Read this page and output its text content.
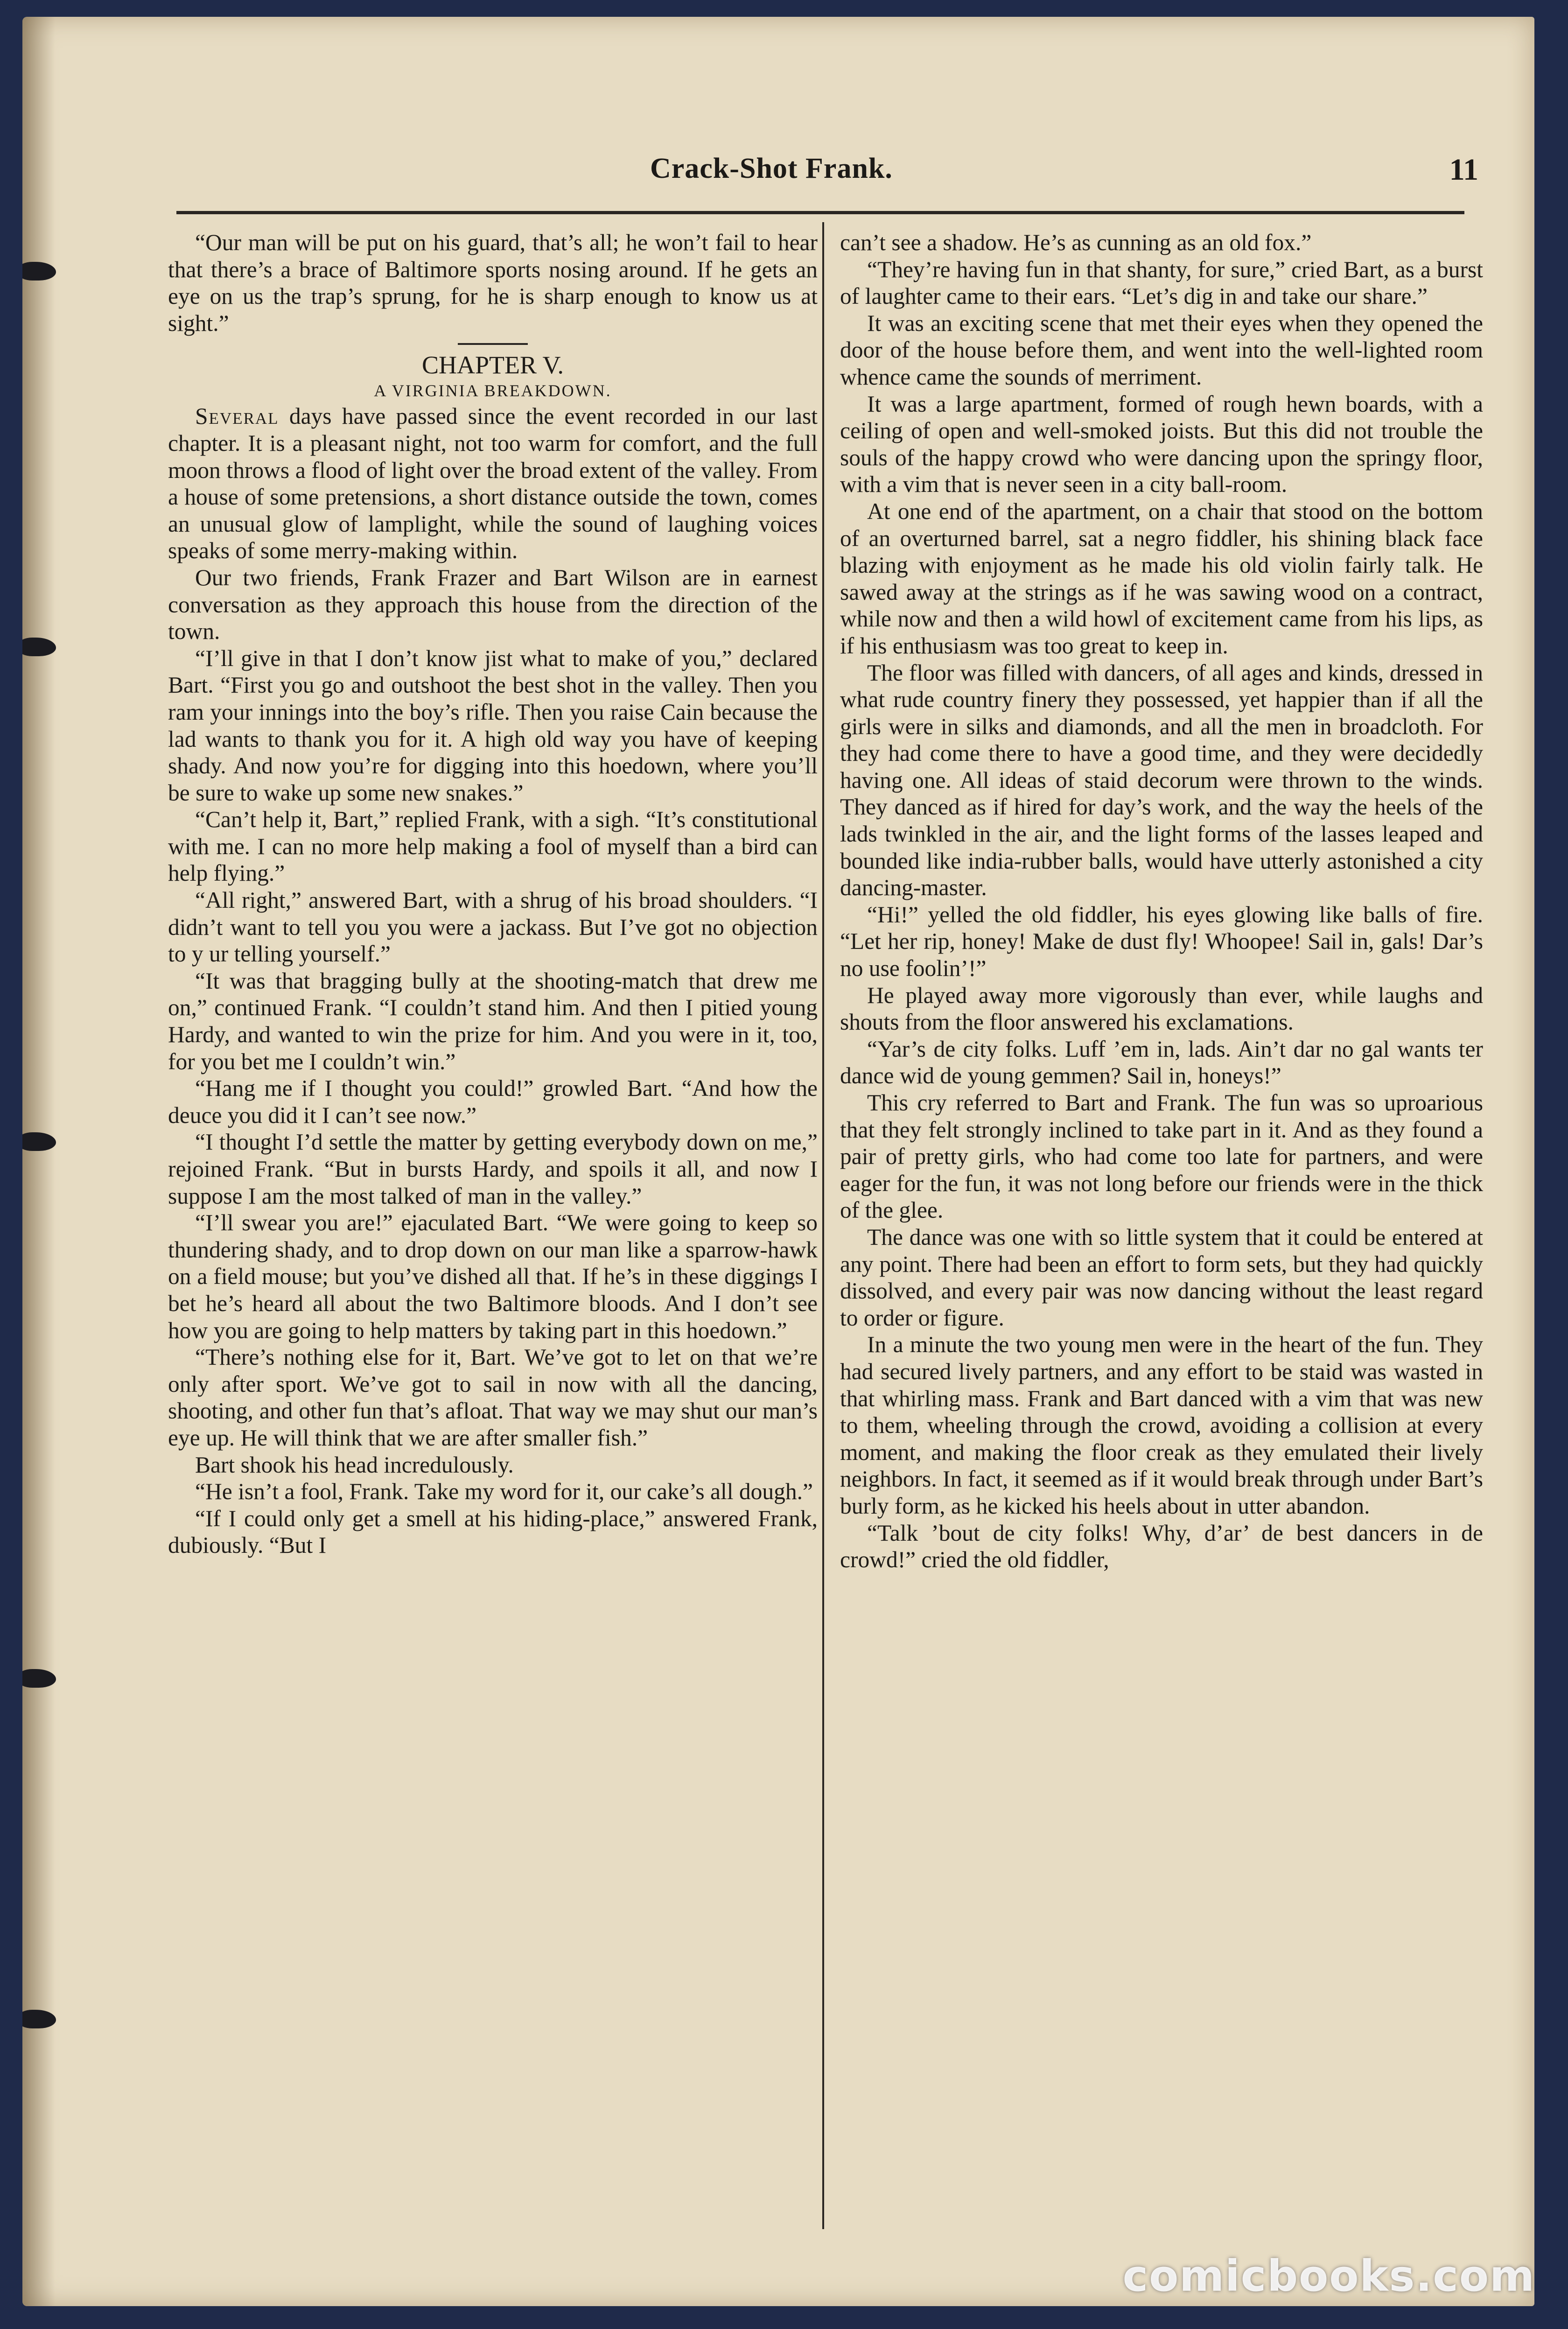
Crack-Shot Frank.	11

“Our man will be put on his guard, that’s all; he won’t fail to hear that there’s a brace of Baltimore sports nosing around. If he gets an eye on us the trap’s sprung, for he is sharp enough to know us at sight.”

CHAPTER V.

A VIRGINIA BREAKDOWN.

Several days have passed since the event recorded in our last chapter. It is a pleasant night, not too warm for comfort, and the full moon throws a flood of light over the broad extent of the valley. From a house of some pretensions, a short distance outside the town, comes an unusual glow of lamplight, while the sound of laughing voices speaks of some merry-making within.

Our two friends, Frank Frazer and Bart Wilson are in earnest conversation as they approach this house from the direction of the town.

“I’ll give in that I don’t know jist what to make of you,” declared Bart. “First you go and outshoot the best shot in the valley. Then you ram your innings into the boy’s rifle. Then you raise Cain because the lad wants to thank you for it. A high old way you have of keeping shady. And now you’re for digging into this hoedown, where you’ll be sure to wake up some new snakes.”

“Can’t help it, Bart,” replied Frank, with a sigh. “It’s constitutional with me. I can no more help making a fool of myself than a bird can help flying.”

“All right,” answered Bart, with a shrug of his broad shoulders. “I didn’t want to tell you you were a jackass. But I’ve got no objection to y ur telling yourself.”

“It was that bragging bully at the shooting-match that drew me on,” continued Frank. “I couldn’t stand him. And then I pitied young Hardy, and wanted to win the prize for him. And you were in it, too, for you bet me I couldn’t win.”

“Hang me if I thought you could!” growled Bart. “And how the deuce you did it I can’t see now.”

“I thought I’d settle the matter by getting everybody down on me,” rejoined Frank. “But in bursts Hardy, and spoils it all, and now I suppose I am the most talked of man in the valley.”

“I’ll swear you are!” ejaculated Bart. “We were going to keep so thundering shady, and to drop down on our man like a sparrow-hawk on a field mouse; but you’ve dished all that. If he’s in these diggings I bet he’s heard all about the two Baltimore bloods. And I don’t see how you are going to help matters by taking part in this hoedown.”

“There’s nothing else for it, Bart. We’ve got to let on that we’re only after sport. We’ve got to sail in now with all the dancing, shooting, and other fun that’s afloat. That way we may shut our man’s eye up. He will think that we are after smaller fish.”

Bart shook his head incredulously.

“He isn’t a fool, Frank. Take my word for it, our cake’s all dough.”

“If I could only get a smell at his hiding-place,” answered Frank, dubiously. “But I

can’t see a shadow. He’s as cunning as an old fox.”

“They’re having fun in that shanty, for sure,” cried Bart, as a burst of laughter came to their ears. “Let’s dig in and take our share.”

It was an exciting scene that met their eyes when they opened the door of the house before them, and went into the well-lighted room whence came the sounds of merriment.

It was a large apartment, formed of rough hewn boards, with a ceiling of open and well-smoked joists. But this did not trouble the souls of the happy crowd who were dancing upon the springy floor, with a vim that is never seen in a city ball-room.

At one end of the apartment, on a chair that stood on the bottom of an overturned barrel, sat a negro fiddler, his shining black face blazing with enjoyment as he made his old violin fairly talk. He sawed away at the strings as if he was sawing wood on a contract, while now and then a wild howl of excitement came from his lips, as if his enthusiasm was too great to keep in.

The floor was filled with dancers, of all ages and kinds, dressed in what rude country finery they possessed, yet happier than if all the girls were in silks and diamonds, and all the men in broadcloth. For they had come there to have a good time, and they were decidedly having one. All ideas of staid decorum were thrown to the winds. They danced as if hired for day’s work, and the way the heels of the lads twinkled in the air, and the light forms of the lasses leaped and bounded like india-rubber balls, would have utterly astonished a city dancing-master.

“Hi!” yelled the old fiddler, his eyes glowing like balls of fire. “Let her rip, honey! Make de dust fly! Whoopee! Sail in, gals! Dar’s no use foolin’!”

He played away more vigorously than ever, while laughs and shouts from the floor answered his exclamations.

“Yar’s de city folks. Luff ’em in, lads. Ain’t dar no gal wants ter dance wid de young gemmen? Sail in, honeys!”

This cry referred to Bart and Frank. The fun was so uproarious that they felt strongly inclined to take part in it. And as they found a pair of pretty girls, who had come too late for partners, and were eager for the fun, it was not long before our friends were in the thick of the glee.

The dance was one with so little system that it could be entered at any point. There had been an effort to form sets, but they had quickly dissolved, and every pair was now dancing without the least regard to order or figure.

In a minute the two young men were in the heart of the fun. They had secured lively partners, and any effort to be staid was wasted in that whirling mass. Frank and Bart danced with a vim that was new to them, wheeling through the crowd, avoiding a collision at every moment, and making the floor creak as they emulated their lively neighbors. In fact, it seemed as if it would break through under Bart’s burly form, as he kicked his heels about in utter abandon.

“Talk ’bout de city folks! Why, d’ar’ de best dancers in de crowd!” cried the old fiddler,

comicbooks.com
